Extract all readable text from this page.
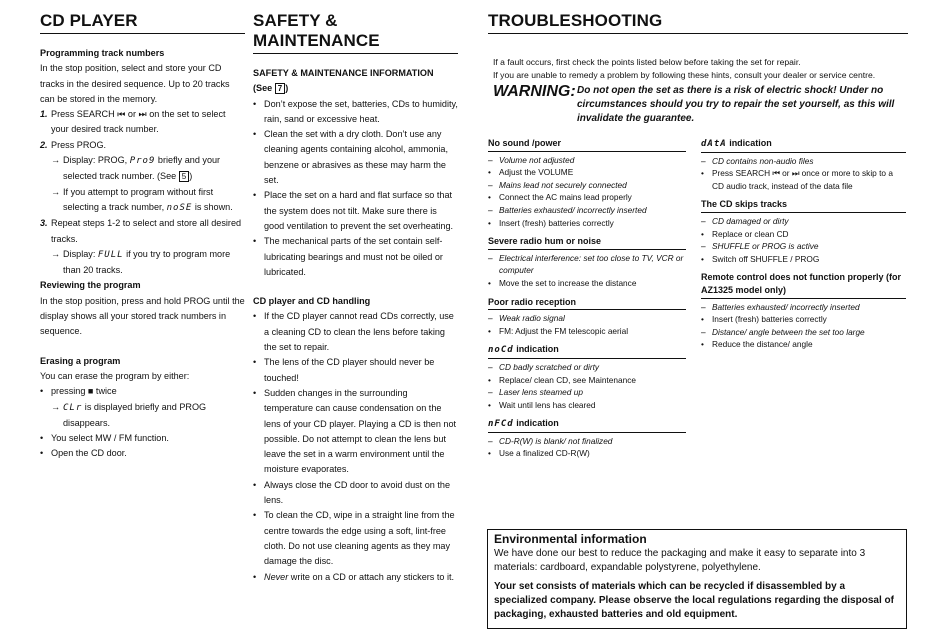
CD PLAYER

Programming track numbers

In the stop position, select and store your CD tracks in the desired sequence. Up to 20 tracks can be stored in the memory.

1. Press SEARCH ⏮ or ⏭ on the set to select your desired track number.
2. Press PROG.
→ Display: PROG, Pro9 briefly and your selected track number. (See 5 )
→ If you attempt to program without first selecting a track number, noSE is shown.
3. Repeat steps 1-2 to select and store all desired tracks.
→ Display: FULL if you try to program more than 20 tracks.

Reviewing the program

In the stop position, press and hold PROG until the display shows all your stored track numbers in sequence.

Erasing a program

You can erase the program by either:

• pressing ■ twice
→ CLr is displayed briefly and PROG disappears.
• You select MW / FM function.
• Open the CD door.
SAFETY & MAINTENANCE

SAFETY & MAINTENANCE INFORMATION

(See 7 )

• Don’t expose the set, batteries, CDs to humidity, rain, sand or excessive heat.
• Clean the set with a dry cloth. Don’t use any cleaning agents containing alcohol, ammonia, benzene or abrasives as these may harm the set.
• Place the set on a hard and flat surface so that the system does not tilt. Make sure there is good ventilation to prevent the set overheating.
• The mechanical parts of the set contain self-lubricating bearings and must not be oiled or lubricated.

CD player and CD handling

• If the CD player cannot read CDs correctly, use a cleaning CD to clean the lens before taking the set to repair.
• The lens of the CD player should never be touched!
• Sudden changes in the surrounding temperature can cause condensation on the lens of your CD player. Playing a CD is then not possible. Do not attempt to clean the lens but leave the set in a warm environment until the moisture evaporates.
• Always close the CD door to avoid dust on the lens.
• To clean the CD, wipe in a straight line from the centre towards the edge using a soft, lint-free cloth. Do not use cleaning agents as they may damage the disc.
• Never write on a CD or attach any stickers to it.
TROUBLESHOOTING

If a fault occurs, first check the points listed below before taking the set for repair.

If you are unable to remedy a problem by following these hints, consult your dealer or service centre.

WARNING: Do not open the set as there is a risk of electric shock! Under no circumstances should you try to repair the set yourself, as this will invalidate the guarantee.
No sound /power
– Volume not adjusted
• Adjust the VOLUME
– Mains lead not securely connected
• Connect the AC mains lead properly
– Batteries exhausted/ incorrectly inserted
• Insert (fresh) batteries correctly
Severe radio hum or noise
– Electrical interference: set too close to TV, VCR or computer
• Move the set to increase the distance
Poor radio reception
– Weak radio signal
• FM: Adjust the FM telescopic aerial
noCd indication
– CD badly scratched or dirty
• Replace/ clean CD, see Maintenance
– Laser lens steamed up
• Wait until lens has cleared
nFCd indication
– CD-R(W) is blank/ not finalized
• Use a finalized CD-R(W)
dAtA indication
– CD contains non-audio files
• Press SEARCH ⏮ or ⏭ once or more to skip to a CD audio track, instead of the data file
The CD skips tracks
– CD damaged or dirty
• Replace or clean CD
– SHUFFLE or PROG is active
• Switch off SHUFFLE / PROG
Remote control does not function properly (for AZ1325 model only)
– Batteries exhausted/ incorrectly inserted
• Insert (fresh) batteries correctly
– Distance/ angle between the set too large
• Reduce the distance/ angle
Environmental information
We have done our best to reduce the packaging and make it easy to separate into 3 materials: cardboard, expandable polystyrene, polyethylene.
Your set consists of materials which can be recycled if disassembled by a specialized company. Please observe the local regulations regarding the disposal of packaging, exhausted batteries and old equipment.
